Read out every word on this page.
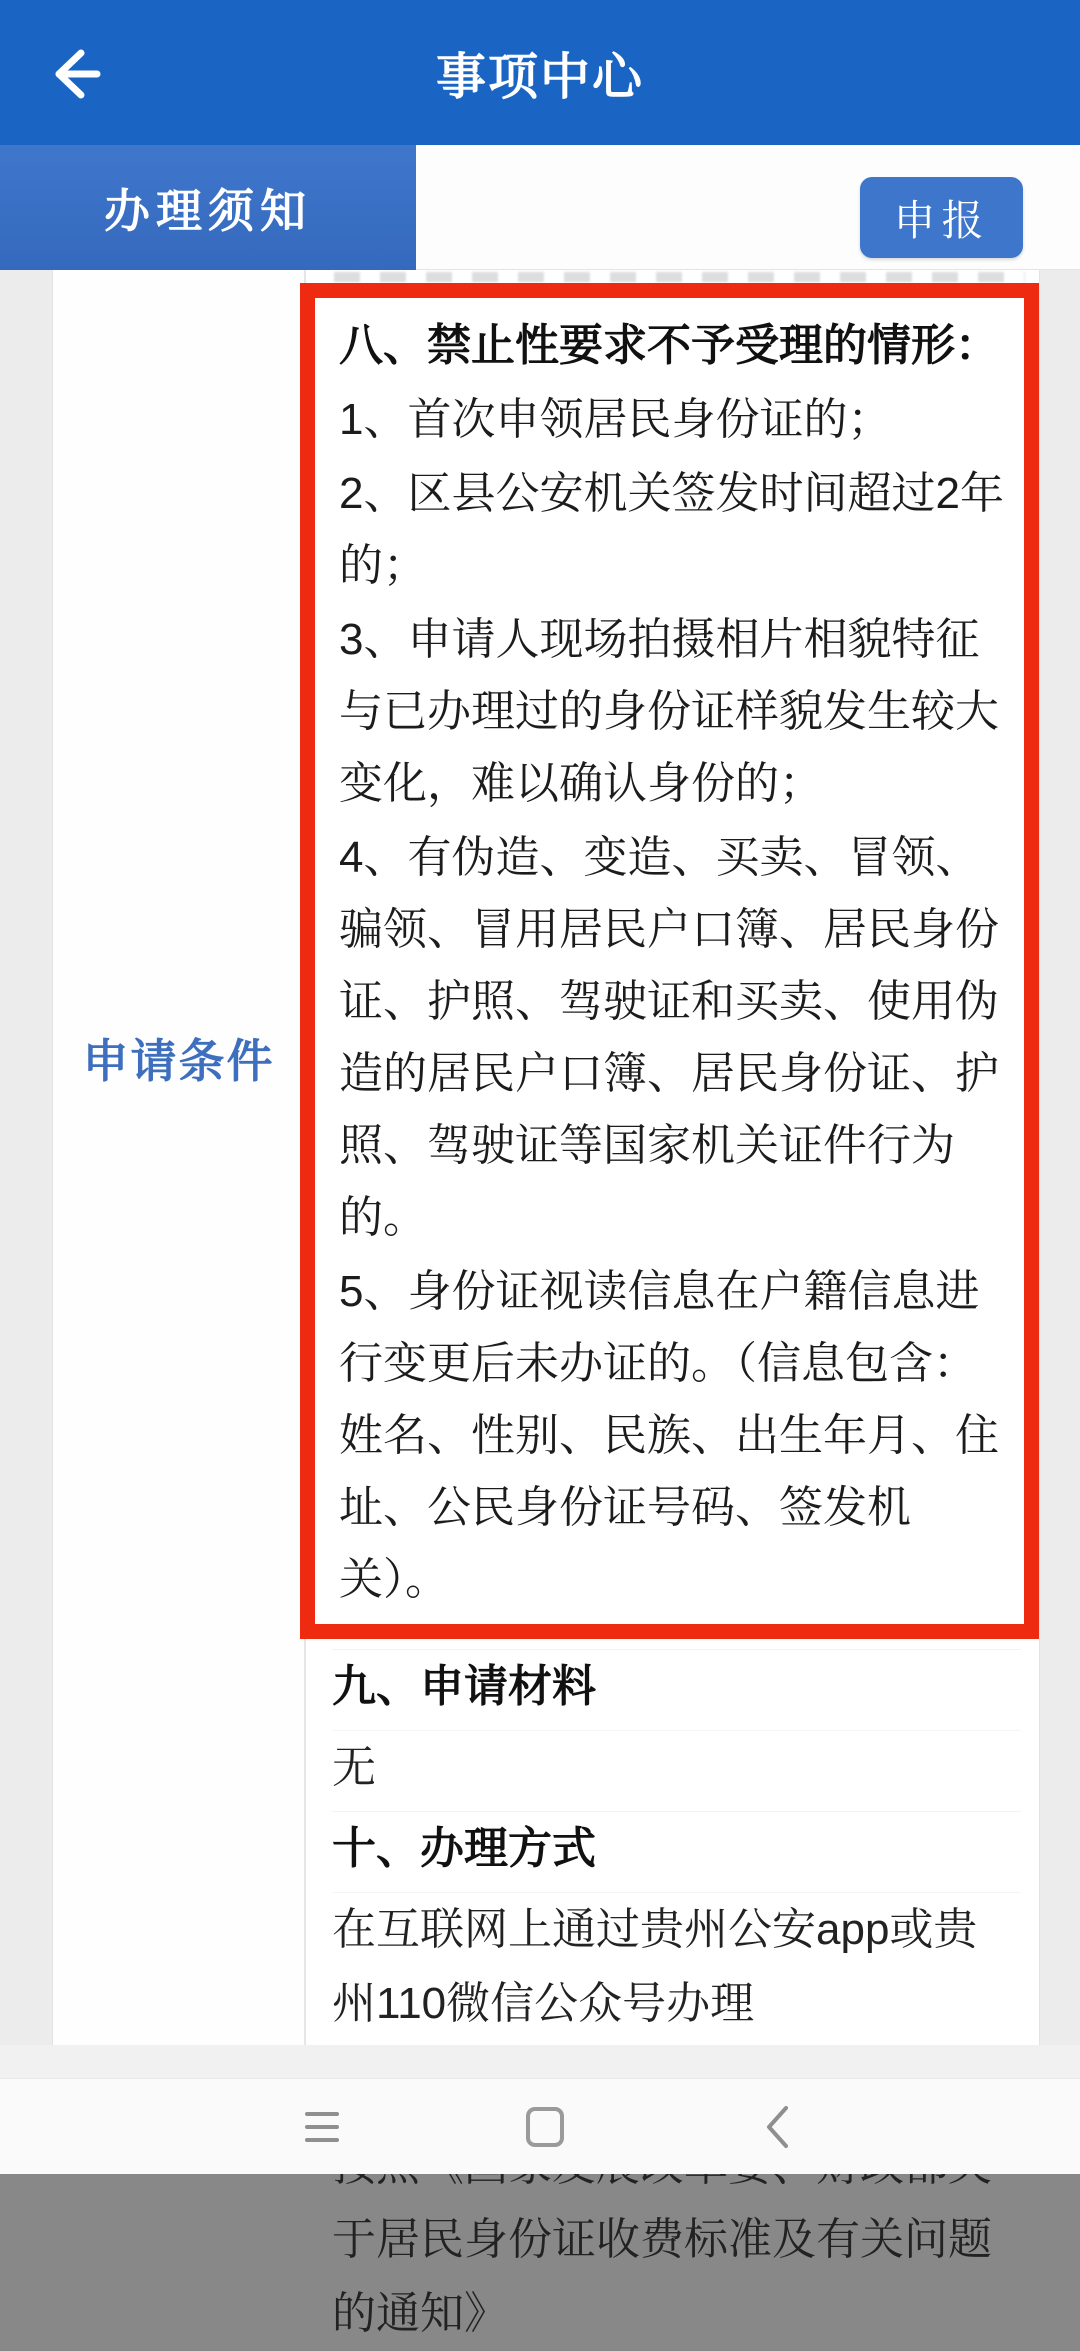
事项中心
办理须知	申报
申请条件

八、禁止性要求不予受理的情形：

1、首次申领居民身份证的；

2、区县公安机关签发时间超过2年的；

3、申请人现场拍摄相片相貌特征与已办理过的身份证样貌发生较大变化，难以确认身份的；

4、有伪造、变造、买卖、冒领、骗领、冒用居民户口簿、居民身份证、护照、驾驶证和买卖、使用伪造的居民户口簿、居民身份证、护照、驾驶证等国家机关证件行为的。

5、身份证视读信息在户籍信息进行变更后未办证的。（信息包含：姓名、性别、民族、出生年月、住址、公民身份证号码、签发机关）。

九、申请材料

无

十、办理方式

在互联网上通过贵州公安app或贵州110微信公众号办理

于居民身份证收费标准及有关问题的通知》
